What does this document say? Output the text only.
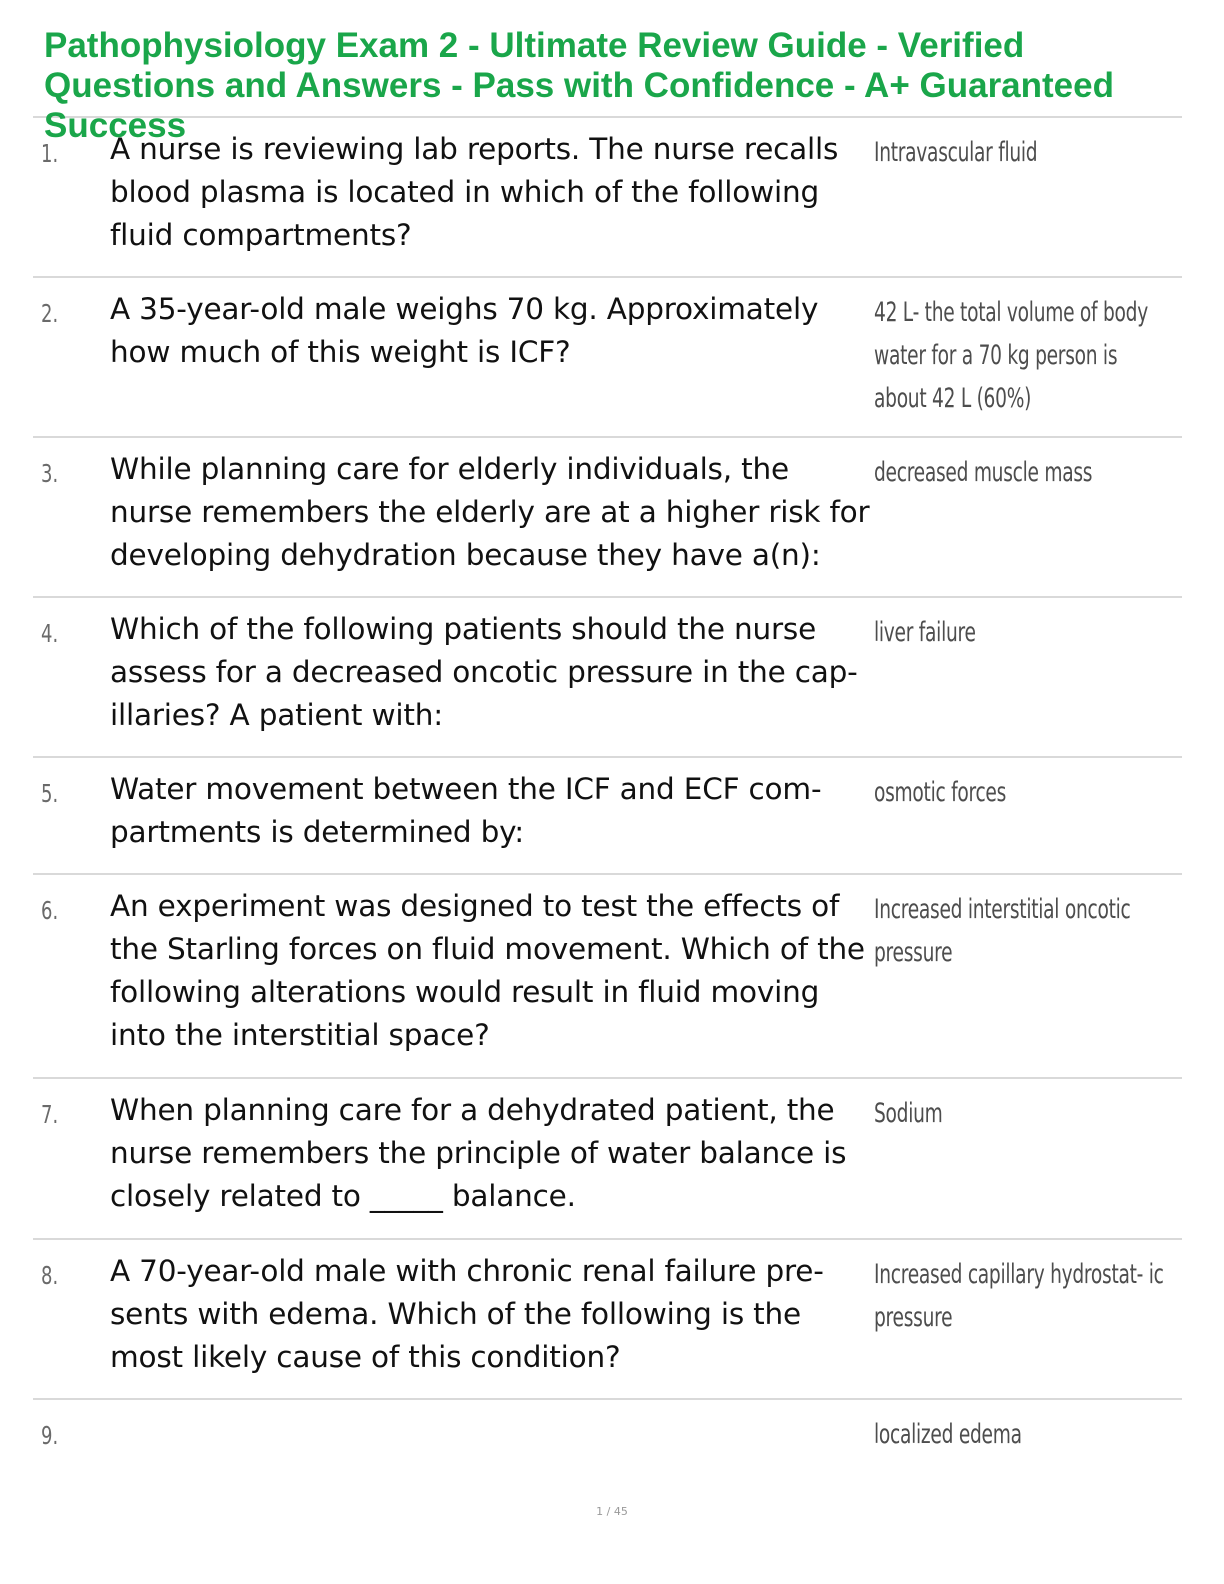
Pathophysiology Exam 2 - Ultimate Review Guide - Verified Questions and Answers - Pass with Confidence - A+ Guaranteed Success
1. A nurse is reviewing lab reports. The nurse recalls blood plasma is located in which of the following fluid compartments?
Intravascular fluid
2. A 35-year-old male weighs 70 kg. Approximately how much of this weight is ICF?
42 L- the total volume of body water for a 70 kg person is about 42 L (60%)
3. While planning care for elderly individuals, the nurse remembers the elderly are at a higher risk for developing dehydration because they have a(n):
decreased muscle mass
4. Which of the following patients should the nurse assess for a decreased oncotic pressure in the cap- illaries? A patient with:
liver failure
5. Water movement between the ICF and ECF com- partments is determined by:
osmotic forces
6. An experiment was designed to test the effects of the Starling forces on fluid movement. Which of the following alterations would result in fluid moving into the interstitial space?
Increased interstitial oncotic pressure
7. When planning care for a dehydrated patient, the nurse remembers the principle of water balance is closely related to _____ balance.
Sodium
8. A 70-year-old male with chronic renal failure pre- sents with edema. Which of the following is the most likely cause of this condition?
Increased capillary hydrostat- ic pressure
9.	localized edema
1 / 45
